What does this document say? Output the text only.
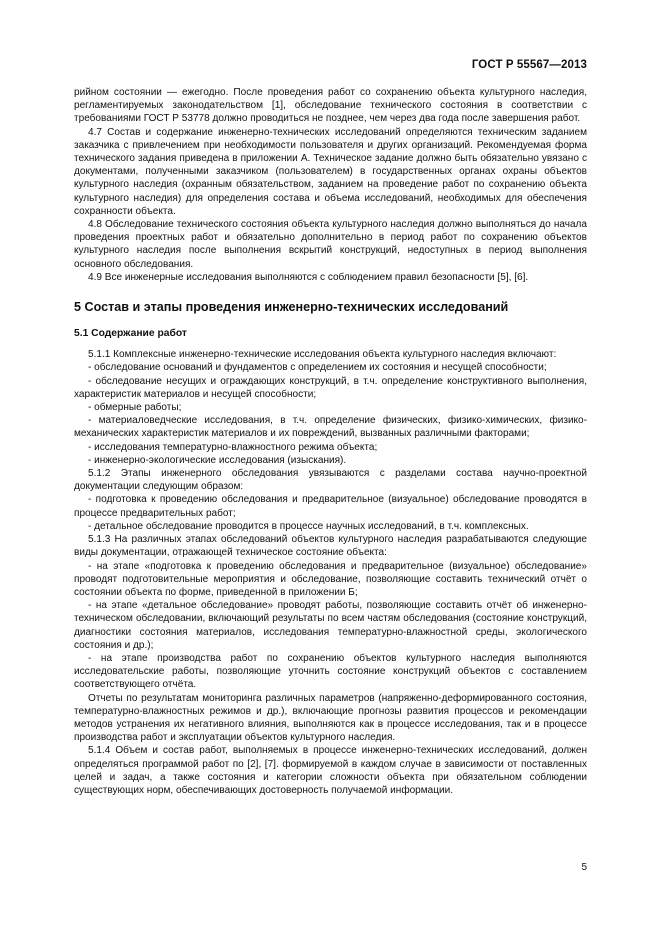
ГОСТ Р 55567—2013

рийном состоянии — ежегодно. После проведения работ со сохранению объекта культурного наследия, регламентируемых законодательством [1], обследование технического состояния в соответствии с требованиями ГОСТ Р 53778 должно проводиться не позднее, чем через два года после завершения работ.

4.7 Состав и содержание инженерно-технических исследований определяются техническим заданием заказчика с привлечением при необходимости пользователя и других организаций. Рекомендуемая форма технического задания приведена в приложении А. Техническое задание должно быть обязательно увязано с документами, полученными заказчиком (пользователем) в государственных органах охраны объектов культурного наследия (охранным обязательством, заданием на проведение работ по сохранению объекта культурного наследия) для определения состава и объема исследований, необходимых для обеспечения сохранности объекта.

4.8 Обследование технического состояния объекта культурного наследия должно выполняться до начала проведения проектных работ и обязательно дополнительно в период работ по сохранению объектов культурного наследия после выполнения вскрытий конструкций, недоступных в период выполнения основного обследования.

4.9 Все инженерные исследования выполняются с соблюдением правил безопасности [5], [6].

5 Состав и этапы проведения инженерно-технических исследований
5.1 Содержание работ

5.1.1 Комплексные инженерно-технические исследования объекта культурного наследия включают:

- обследование оснований и фундаментов с определением их состояния и несущей способности;

- обследование несущих и ограждающих конструкций, в т.ч. определение конструктивного выполнения, характеристик материалов и несущей способности;

- обмерные работы;

- материаловедческие исследования, в т.ч. определение физических, физико-химических, физико-механических характеристик материалов и их повреждений, вызванных различными факторами;

- исследования температурно-влажностного режима объекта;

- инженерно-экологические исследования (изыскания).

5.1.2 Этапы инженерного обследования увязываются с разделами состава научно-проектной документации следующим образом:

- подготовка к проведению обследования и предварительное (визуальное) обследование проводятся в процессе предварительных работ;

- детальное обследование проводится в процессе научных исследований, в т.ч. комплексных.

5.1.3 На различных этапах обследований объектов культурного наследия разрабатываются следующие виды документации, отражающей техническое состояние объекта:

- на этапе «подготовка к проведению обследования и предварительное (визуальное) обследование» проводят подготовительные мероприятия и обследование, позволяющие составить технический отчёт о состоянии объекта по форме, приведенной в приложении Б;

- на этапе «детальное обследование» проводят работы, позволяющие составить отчёт об инженерно-техническом обследовании, включающий результаты по всем частям обследования (состояние конструкций, диагностики состояния материалов, исследования температурно-влажностной среды, экологического состояния и др.);

- на этапе производства работ по сохранению объектов культурного наследия выполняются исследовательские работы, позволяющие уточнить состояние конструкций объектов с составлением соответствующего отчёта.

Отчеты по результатам мониторинга различных параметров (напряженно-деформированного состояния, температурно-влажностных режимов и др.), включающие прогнозы развития процессов и рекомендации методов устранения их негативного влияния, выполняются как в процессе исследования, так и в процессе производства работ и эксплуатации объектов культурного наследия.

5.1.4 Объем и состав работ, выполняемых в процессе инженерно-технических исследований, должен определяться программой работ по [2], [7]. формируемой в каждом случае в зависимости от поставленных целей и задач, а также состояния и категории сложности объекта при обязательном соблюдении существующих норм, обеспечивающих достоверность получаемой информации.

5
